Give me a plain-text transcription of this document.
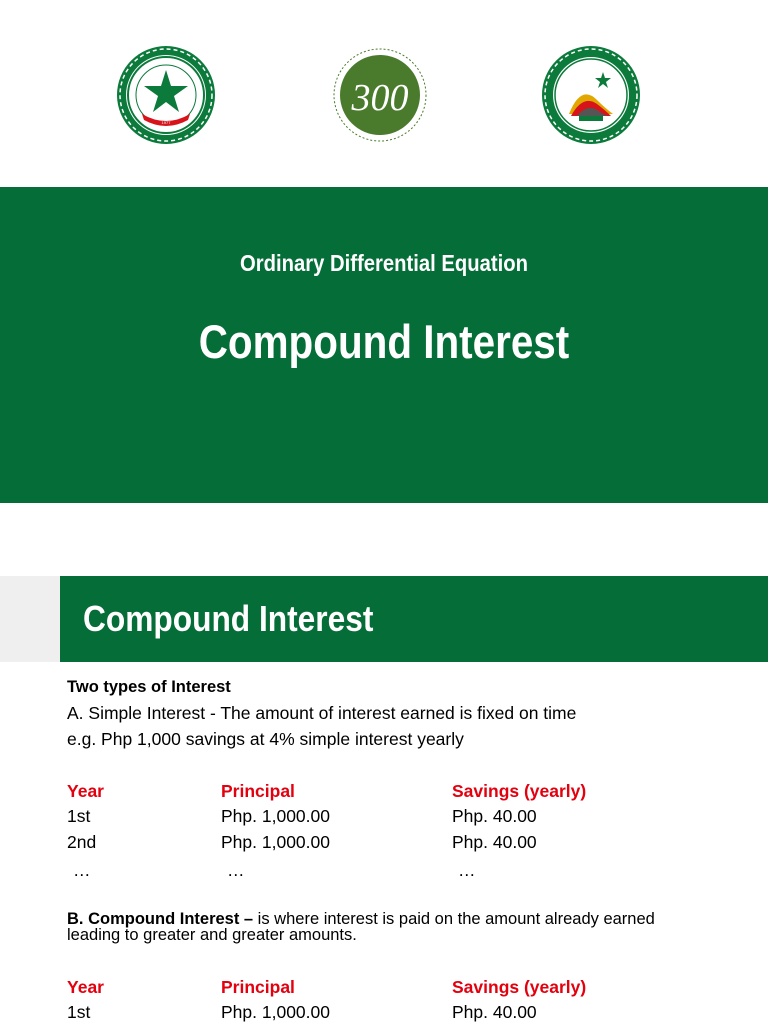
1977
300
Ordinary Differential Equation
Compound Interest
Compound Interest
Two types of Interest
A. Simple Interest - The amount of interest earned is fixed on time
e.g. Php 1,000 savings at 4% simple interest yearly
Year	Principal	Savings (yearly)
1st	Php. 1,000.00	Php. 40.00
2nd	Php. 1,000.00	Php. 40.00
…	…	…
B. Compound Interest – is where interest is paid on the amount already earned
leading to greater and greater amounts.
Year	Principal	Savings (yearly)
1st	Php. 1,000.00	Php. 40.00
